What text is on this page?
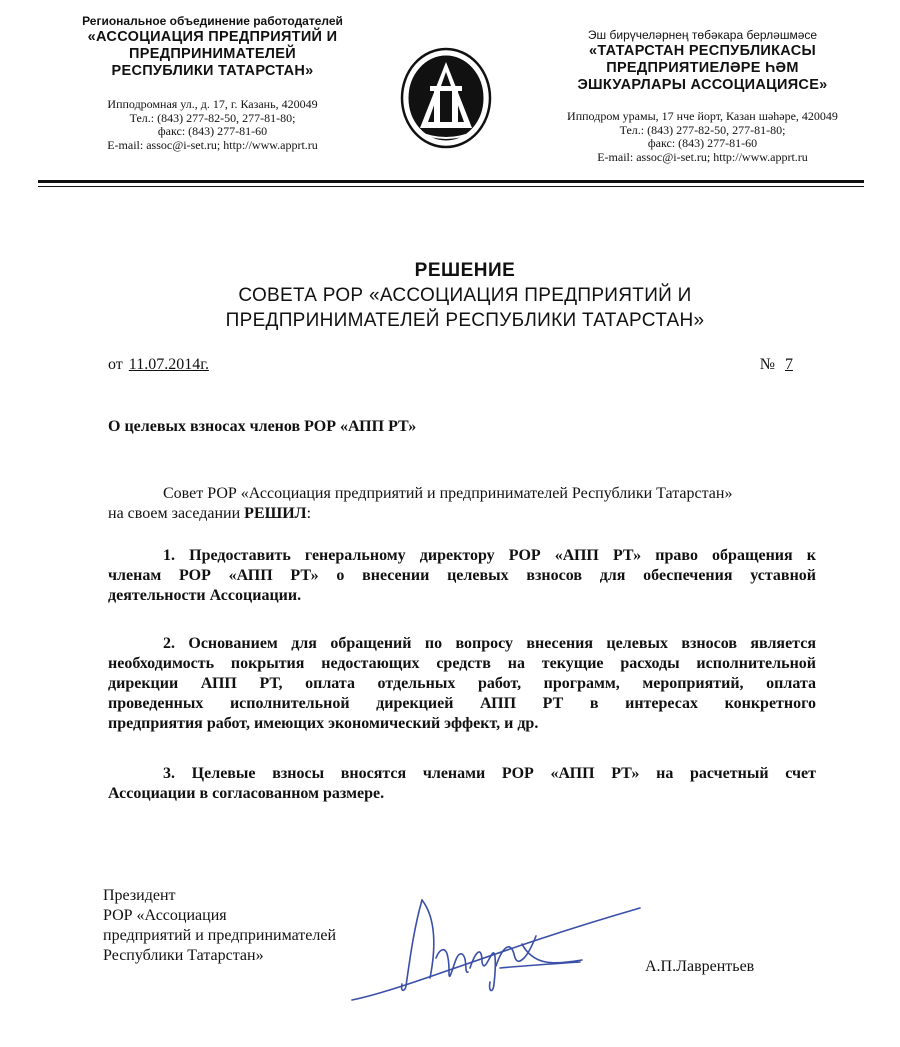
Региональное объединение работодателей
«АССОЦИАЦИЯ ПРЕДПРИЯТИЙ И
ПРЕДПРИНИМАТЕЛЕЙ
РЕСПУБЛИКИ ТАТАРСТАН»
Ипподромная ул., д. 17, г. Казань, 420049
Тел.: (843) 277-82-50, 277-81-80;
факс: (843) 277-81-60
E-mail: assoc@i-set.ru; http://www.apprt.ru
Эш бирүчеләрнең төбәкара берләшмәсе
«ТАТАРСТАН РЕСПУБЛИКАСЫ
ПРЕДПРИЯТИЕЛӘРЕ ҺӘМ
ЭШКУАРЛАРЫ АССОЦИАЦИЯСЕ»
Ипподром урамы, 17 нче йорт, Казан шәһәре, 420049
Тел.: (843) 277-82-50, 277-81-80;
факс: (843) 277-81-60
E-mail: assoc@i-set.ru; http://www.apprt.ru
РЕШЕНИЕ
СОВЕТА РОР «АССОЦИАЦИЯ ПРЕДПРИЯТИЙ И
ПРЕДПРИНИМАТЕЛЕЙ РЕСПУБЛИКИ ТАТАРСТАН»
от 11.07.2014г.	№ 7
О целевых взносах членов РОР «АПП РТ»
Совет РОР «Ассоциация предприятий и предпринимателей Республики Татарстан»
на своем заседании РЕШИЛ:
1. Предоставить генеральному директору РОР «АПП РТ» право обращения к
членам РОР «АПП РТ» о внесении целевых взносов для обеспечения уставной
деятельности Ассоциации.
2. Основанием для обращений по вопросу внесения целевых взносов является
необходимость покрытия недостающих средств на текущие расходы исполнительной
дирекции АПП РТ, оплата отдельных работ, программ, мероприятий, оплата
проведенных исполнительной дирекцией АПП РТ в интересах конкретного
предприятия работ, имеющих экономический эффект, и др.
3. Целевые взносы вносятся членами РОР «АПП РТ» на расчетный счет
Ассоциации в согласованном размере.
Президент
РОР «Ассоциация
предприятий и предпринимателей
Республики Татарстан»
А.П.Лаврентьев
